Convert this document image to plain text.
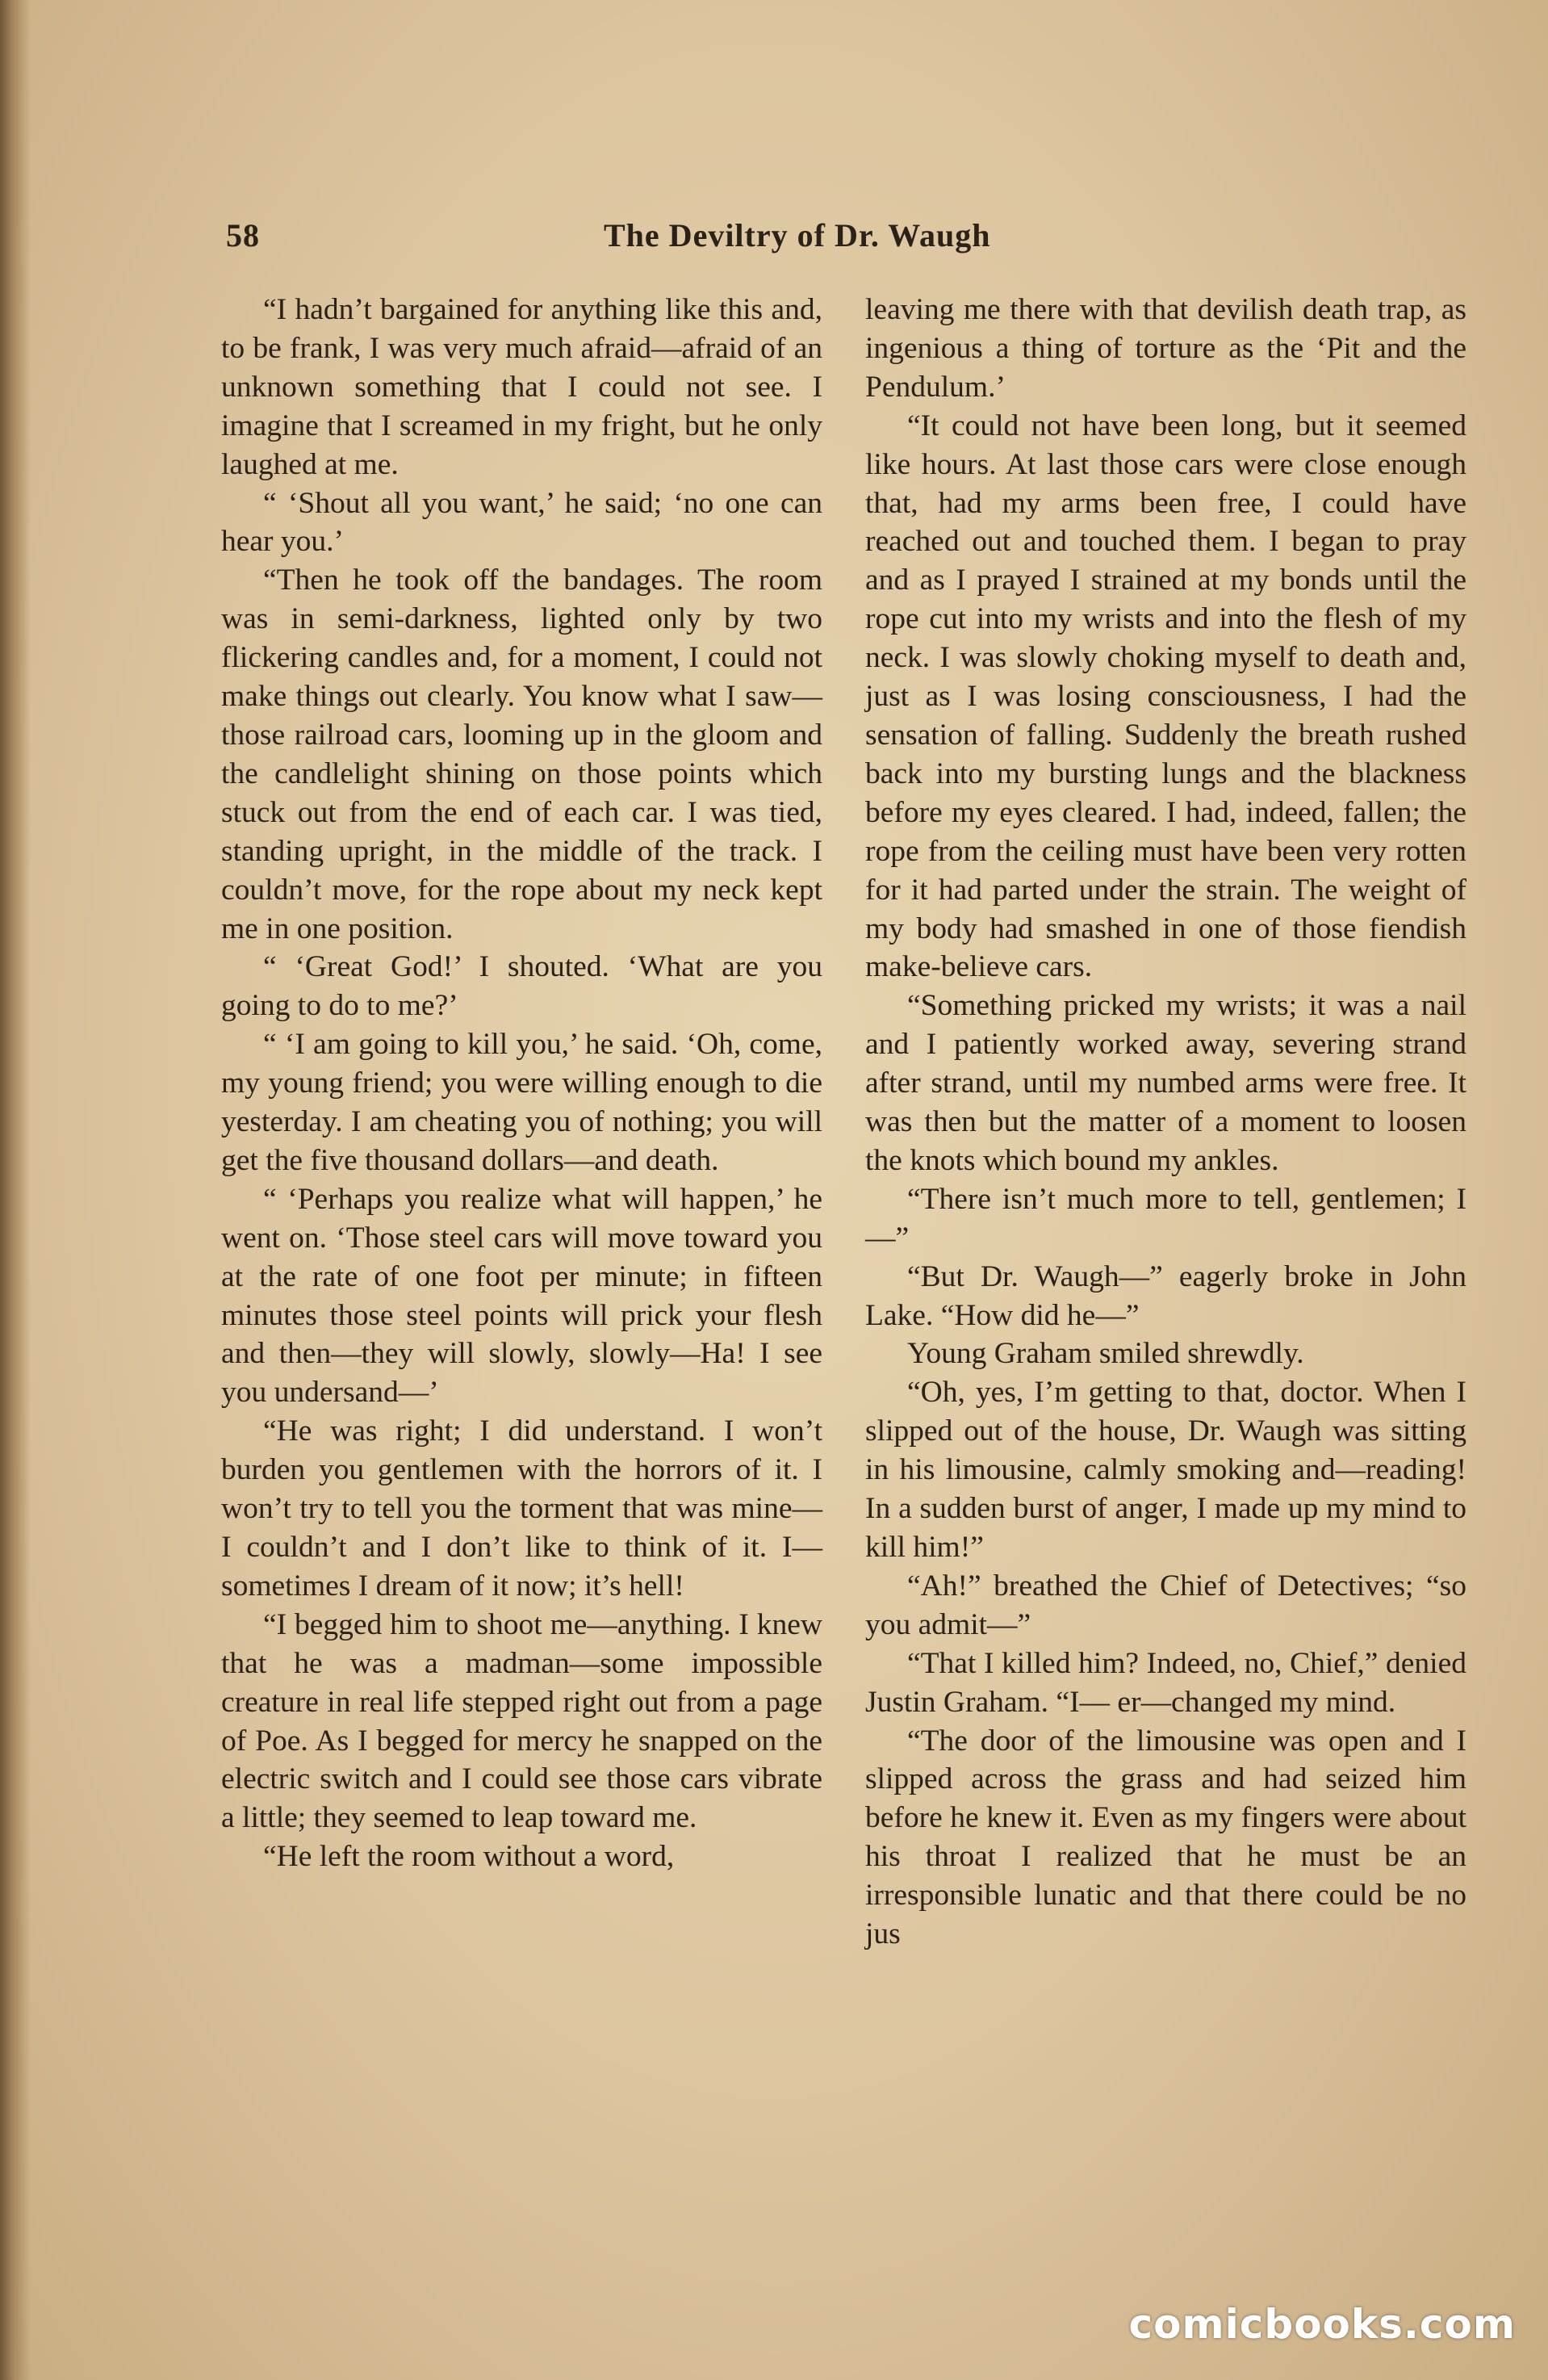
58	The Deviltry of Dr. Waugh

“I hadn’t bargained for anything like this and, to be frank, I was very much afraid—afraid of an unknown something that I could not see. I imagine that I screamed in my fright, but he only laughed at me.

“ ‘Shout all you want,’ he said; ‘no one can hear you.’

“Then he took off the bandages. The room was in semi-darkness, lighted only by two flickering candles and, for a moment, I could not make things out clearly. You know what I saw—those railroad cars, looming up in the gloom and the candlelight shining on those points which stuck out from the end of each car. I was tied, standing upright, in the middle of the track. I couldn’t move, for the rope about my neck kept me in one position.

“ ‘Great God!’ I shouted. ‘What are you going to do to me?’

“ ‘I am going to kill you,’ he said. ‘Oh, come, my young friend; you were willing enough to die yesterday. I am cheating you of nothing; you will get the five thousand dollars—and death.

“ ‘Perhaps you realize what will happen,’ he went on. ‘Those steel cars will move toward you at the rate of one foot per minute; in fifteen minutes those steel points will prick your flesh and then—they will slowly, slowly—Ha! I see you undersand—’

“He was right; I did understand. I won’t burden you gentlemen with the horrors of it. I won’t try to tell you the torment that was mine—I couldn’t and I don’t like to think of it. I— sometimes I dream of it now; it’s hell!

“I begged him to shoot me—anything. I knew that he was a madman—some impossible creature in real life stepped right out from a page of Poe. As I begged for mercy he snapped on the electric switch and I could see those cars vibrate a little; they seemed to leap toward me.

“He left the room without a word,

leaving me there with that devilish death trap, as ingenious a thing of torture as the ‘Pit and the Pendulum.’

“It could not have been long, but it seemed like hours. At last those cars were close enough that, had my arms been free, I could have reached out and touched them. I began to pray and as I prayed I strained at my bonds until the rope cut into my wrists and into the flesh of my neck. I was slowly choking myself to death and, just as I was losing consciousness, I had the sensation of falling. Suddenly the breath rushed back into my bursting lungs and the blackness before my eyes cleared. I had, indeed, fallen; the rope from the ceiling must have been very rotten for it had parted under the strain. The weight of my body had smashed in one of those fiendish make-believe cars.

“Something pricked my wrists; it was a nail and I patiently worked away, severing strand after strand, until my numbed arms were free. It was then but the matter of a moment to loosen the knots which bound my ankles.

“There isn’t much more to tell, gentlemen; I—”

“But Dr. Waugh—” eagerly broke in John Lake. “How did he—”

Young Graham smiled shrewdly.

“Oh, yes, I’m getting to that, doctor. When I slipped out of the house, Dr. Waugh was sitting in his limousine, calmly smoking and—reading! In a sudden burst of anger, I made up my mind to kill him!”

“Ah!” breathed the Chief of Detectives; “so you admit—”

“That I killed him? Indeed, no, Chief,” denied Justin Graham. “I— er—changed my mind.

“The door of the limousine was open and I slipped across the grass and had seized him before he knew it. Even as my fingers were about his throat I realized that he must be an irresponsible lunatic and that there could be no jus

comicbooks.com
